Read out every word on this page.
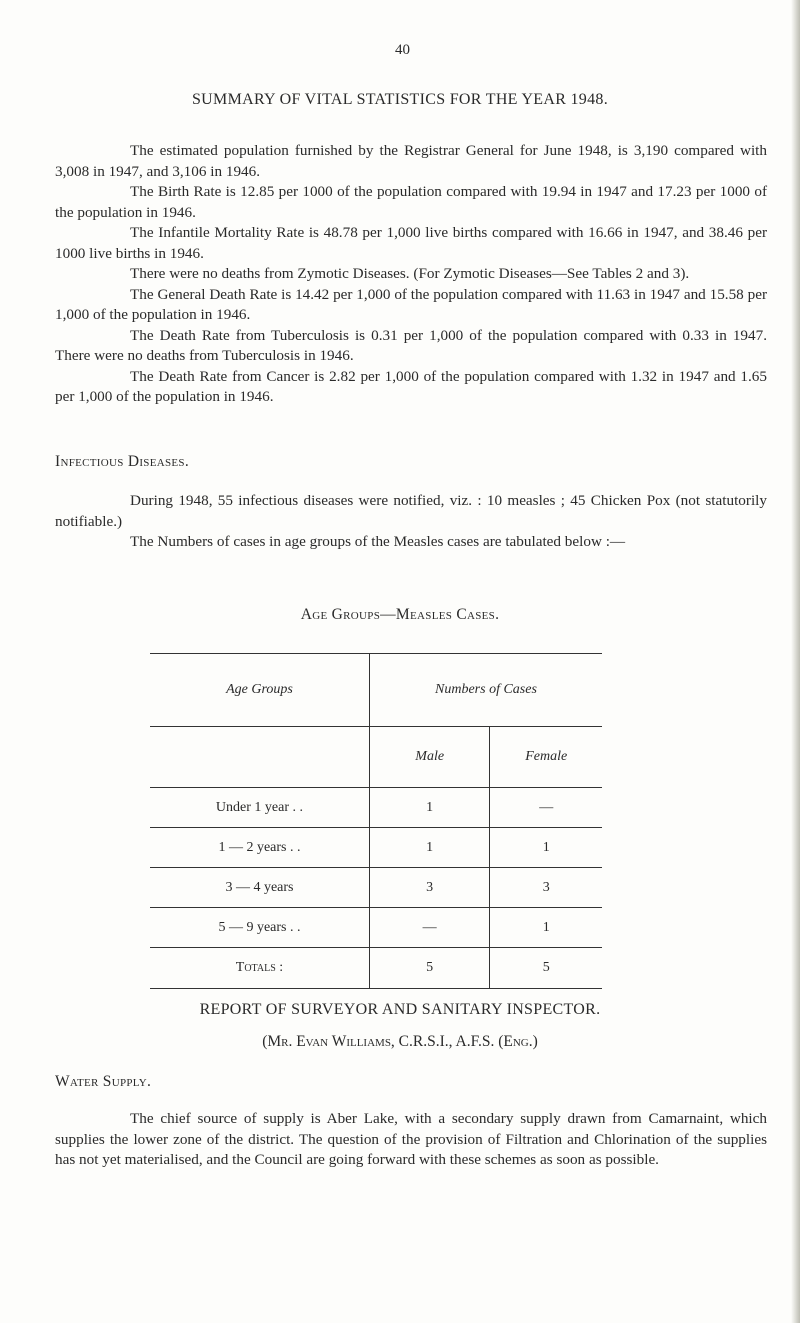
40
SUMMARY OF VITAL STATISTICS FOR THE YEAR 1948.

The estimated population furnished by the Registrar General for June 1948, is 3,190 compared with 3,008 in 1947, and 3,106 in 1946.

The Birth Rate is 12.85 per 1000 of the population compared with 19.94 in 1947 and 17.23 per 1000 of the population in 1946.

The Infantile Mortality Rate is 48.78 per 1,000 live births compared with 16.66 in 1947, and 38.46 per 1000 live births in 1946.

There were no deaths from Zymotic Diseases. (For Zymotic Diseases—See Tables 2 and 3).

The General Death Rate is 14.42 per 1,000 of the population compared with 11.63 in 1947 and 15.58 per 1,000 of the population in 1946.

The Death Rate from Tuberculosis is 0.31 per 1,000 of the population compared with 0.33 in 1947. There were no deaths from Tuberculosis in 1946.

The Death Rate from Cancer is 2.82 per 1,000 of the population compared with 1.32 in 1947 and 1.65 per 1,000 of the population in 1946.

Infectious Diseases.

During 1948, 55 infectious diseases were notified, viz. : 10 measles ; 45 Chicken Pox (not statutorily notifiable.)

The Numbers of cases in age groups of the Measles cases are tabulated below :—

Age Groups—Measles Cases.
Age Groups	Numbers of Cases	
	Male	Female
Under 1 year . .	1	—
1 — 2 years . .	1	1
3 — 4 years	3	3
5 — 9 years . .	—	1
Totals :	5	5
REPORT OF SURVEYOR AND SANITARY INSPECTOR.
(Mr. Evan Williams, C.R.S.I., A.F.S. (Eng.)
Water Supply.

The chief source of supply is Aber Lake, with a secondary supply drawn from Camarnaint, which supplies the lower zone of the district. The question of the provision of Filtration and Chlorination of the supplies has not yet materialised, and the Council are going forward with these schemes as soon as possible.
